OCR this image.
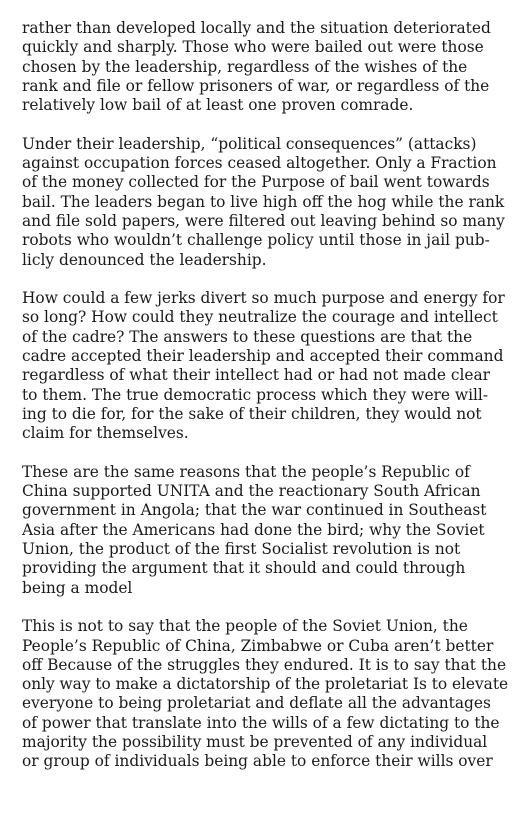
rather than developed locally and the situation deteriorated
quickly and sharply. Those who were bailed out were those
chosen by the leadership, regardless of the wishes of the
rank and file or fellow prisoners of war, or regardless of the
relatively low bail of at least one proven comrade.
Under their leadership, “political consequences” (attacks)
against occupation forces ceased altogether. Only a Fraction
of the money collected for the Purpose of bail went towards
bail. The leaders began to live high off the hog while the rank
and file sold papers, were filtered out leaving behind so many
robots who wouldn’t challenge policy until those in jail pub-
licly denounced the leadership.
How could a few jerks divert so much purpose and energy for
so long? How could they neutralize the courage and intellect
of the cadre? The answers to these questions are that the
cadre accepted their leadership and accepted their command
regardless of what their intellect had or had not made clear
to them. The true democratic process which they were will-
ing to die for, for the sake of their children, they would not
claim for themselves.
These are the same reasons that the people’s Republic of
China supported UNITA and the reactionary South African
government in Angola; that the war continued in Southeast
Asia after the Americans had done the bird; why the Soviet
Union, the product of the first Socialist revolution is not
providing the argument that it should and could through
being a model
This is not to say that the people of the Soviet Union, the
People’s Republic of China, Zimbabwe or Cuba aren’t better
off Because of the struggles they endured. It is to say that the
only way to make a dictatorship of the proletariat Is to elevate
everyone to being proletariat and deflate all the advantages
of power that translate into the wills of a few dictating to the
majority the possibility must be prevented of any individual
or group of individuals being able to enforce their wills over
